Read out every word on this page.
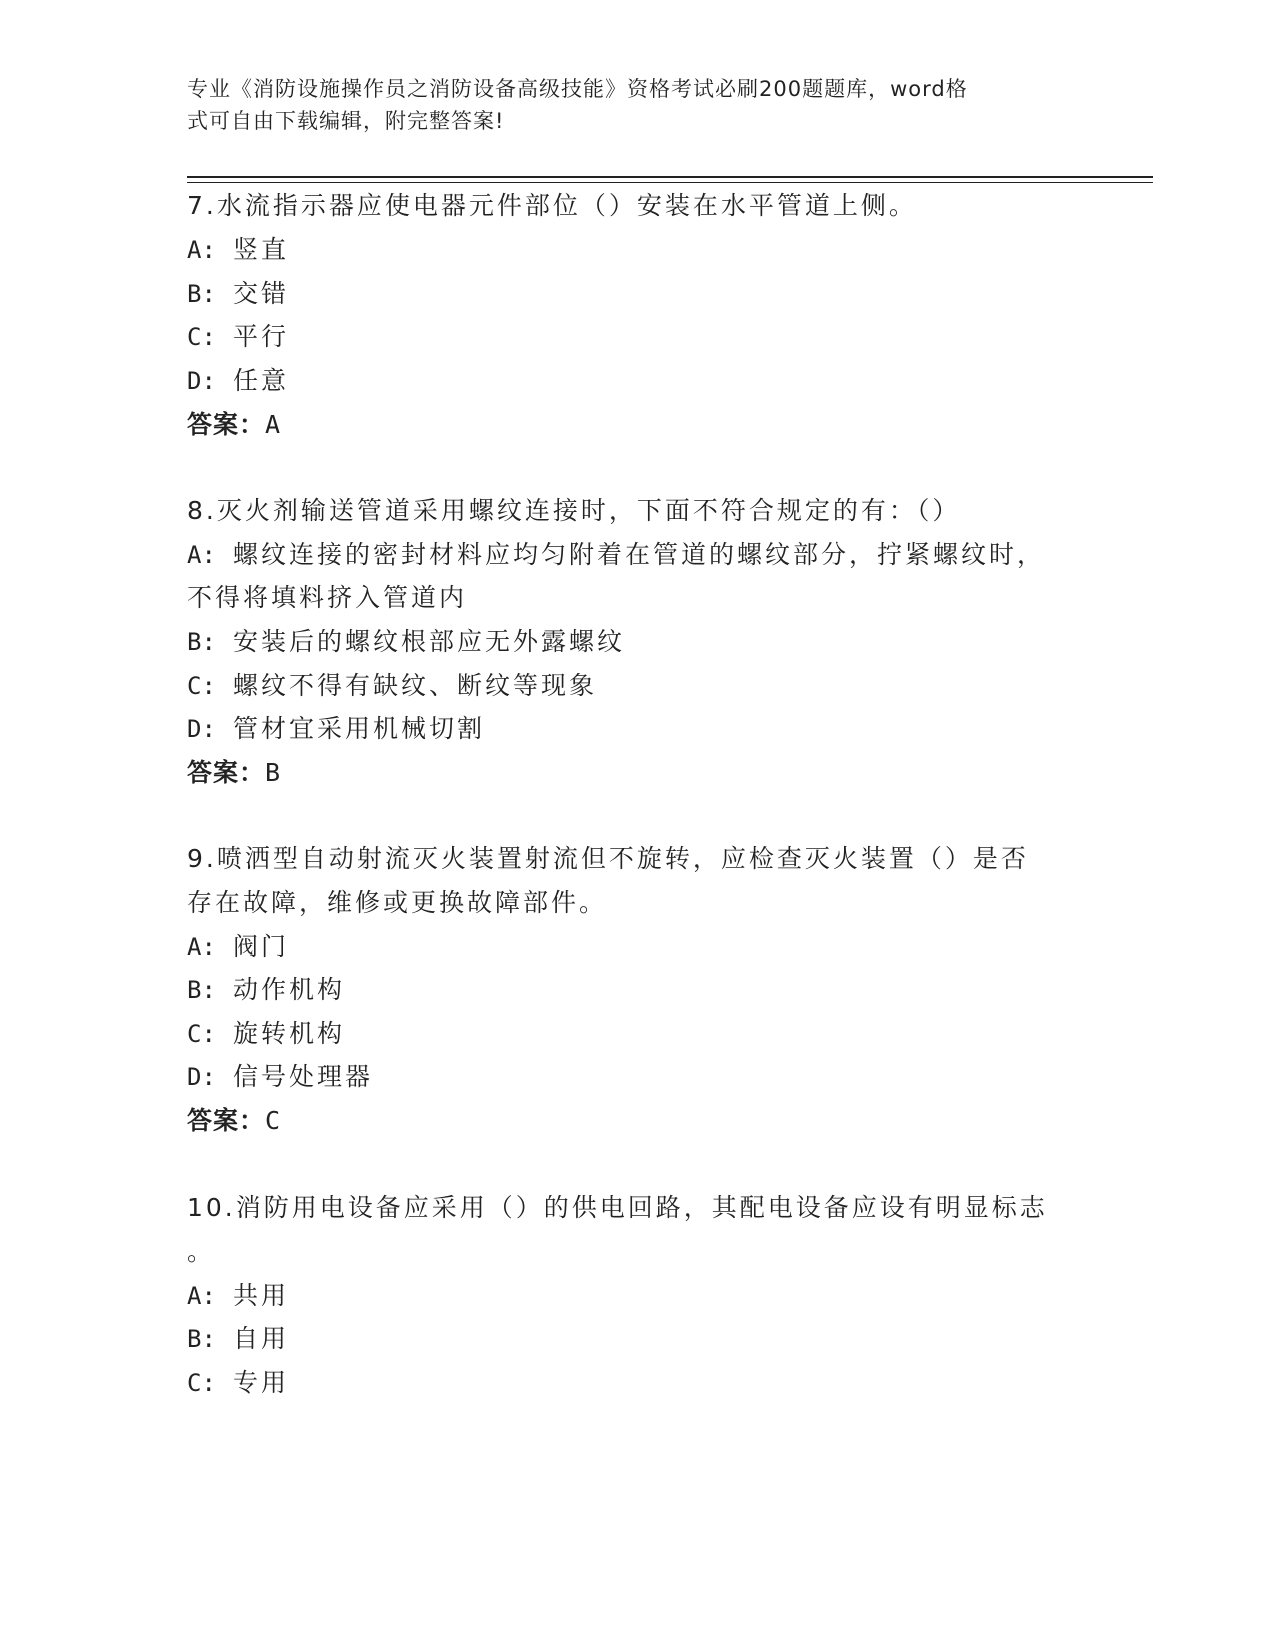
专业《消防设施操作员之消防设备高级技能》资格考试必刷200题题库，word格
式可自由下载编辑，附完整答案!
7.水流指示器应使电器元件部位（）安装在水平管道上侧。
A: 竖直
B: 交错
C: 平行
D: 任意
答案：A
8.灭火剂输送管道采用螺纹连接时，下面不符合规定的有：（）
A: 螺纹连接的密封材料应均匀附着在管道的螺纹部分，拧紧螺纹时，
不得将填料挤入管道内
B: 安装后的螺纹根部应无外露螺纹
C: 螺纹不得有缺纹、断纹等现象
D: 管材宜采用机械切割
答案：B
9.喷洒型自动射流灭火装置射流但不旋转，应检查灭火装置（）是否
存在故障，维修或更换故障部件。
A: 阀门
B: 动作机构
C: 旋转机构
D: 信号处理器
答案：C
10.消防用电设备应采用（）的供电回路，其配电设备应设有明显标志
。
A: 共用
B: 自用
C: 专用
